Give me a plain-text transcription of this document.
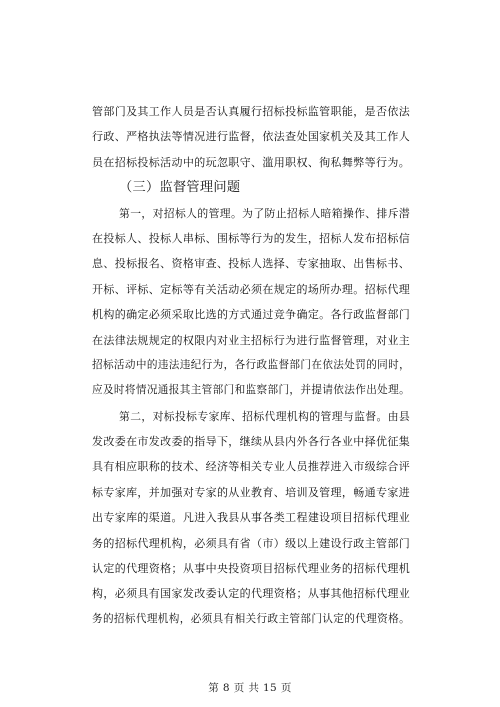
管部门及其工作人员是否认真履行招标投标监管职能，是否依法
行政、严格执法等情况进行监督，依法查处国家机关及其工作人
员在招标投标活动中的玩忽职守、滥用职权、徇私舞弊等行为。
（三）监督管理问题
第一，对招标人的管理。为了防止招标人暗箱操作、排斥潜
在投标人、投标人串标、围标等行为的发生，招标人发布招标信
息、投标报名、资格审查、投标人选择、专家抽取、出售标书、
开标、评标、定标等有关活动必须在规定的场所办理。招标代理
机构的确定必须采取比选的方式通过竞争确定。各行政监督部门
在法律法规规定的权限内对业主招标行为进行监督管理，对业主
招标活动中的违法违纪行为，各行政监督部门在依法处罚的同时，
应及时将情况通报其主管部门和监察部门，并提请依法作出处理。
第二，对标投标专家库、招标代理机构的管理与监督。由县
发改委在市发改委的指导下，继续从县内外各行各业中择优征集
具有相应职称的技术、经济等相关专业人员推荐进入市级综合评
标专家库，并加强对专家的从业教育、培训及管理，畅通专家进
出专家库的渠道。凡进入我县从事各类工程建设项目招标代理业
务的招标代理机构，必须具有省（市）级以上建设行政主管部门
认定的代理资格；从事中央投资项目招标代理业务的招标代理机
构，必须具有国家发改委认定的代理资格；从事其他招标代理业
务的招标代理机构，必须具有相关行政主管部门认定的代理资格。
第 8 页 共 15 页
